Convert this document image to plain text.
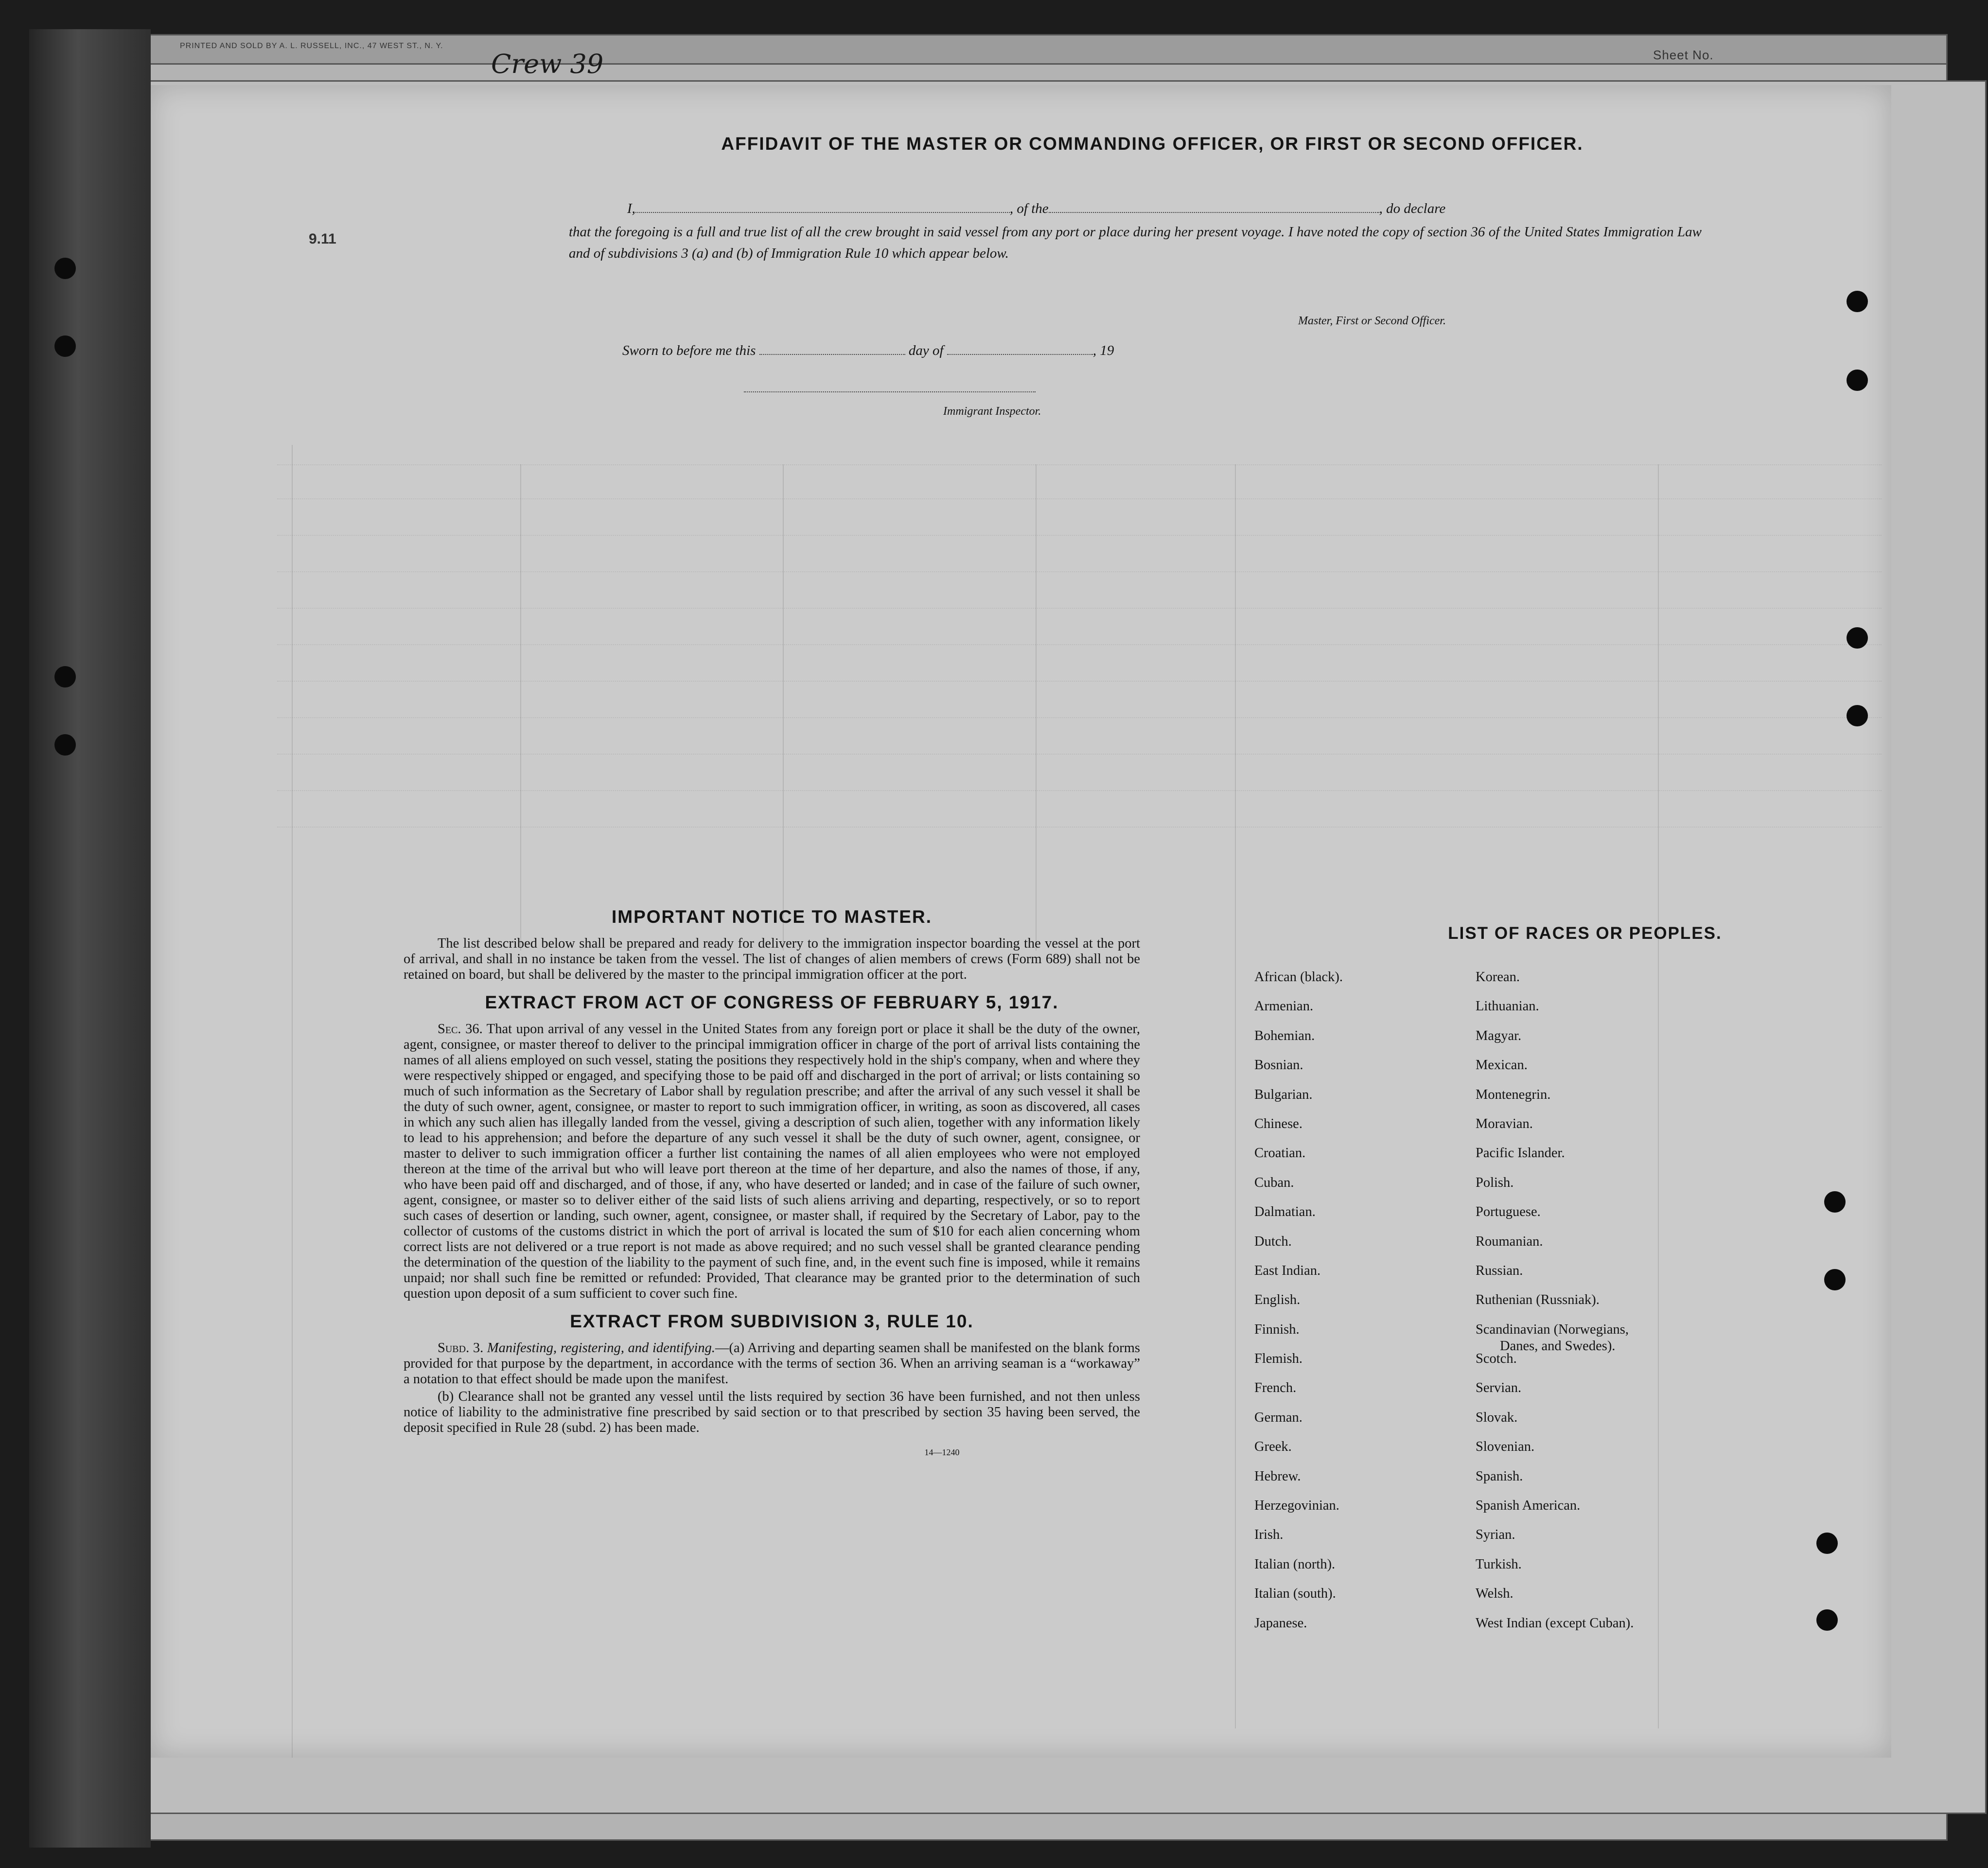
PRINTED AND SOLD BY A. L. RUSSELL, INC., 47 WEST ST., N. Y.
Sheet No.
Crew 39
9.11
AFFIDAVIT OF THE MASTER OR COMMANDING OFFICER, OR FIRST OR SECOND OFFICER.
I,	, of the	, do declare
that the foregoing is a full and true list of all the crew brought in said vessel from any port or place during her present voyage. I have noted the copy of section 36 of the United States Immigration Law and of subdivisions 3 (a) and (b) of Immigration Rule 10 which appear below.
Master, First or Second Officer.
Sworn to before me this	day of	, 19
Immigrant Inspector.
IMPORTANT NOTICE TO MASTER.

The list described below shall be prepared and ready for delivery to the immigration inspector boarding the vessel at the port of arrival, and shall in no instance be taken from the vessel. The list of changes of alien members of crews (Form 689) shall not be retained on board, but shall be delivered by the master to the principal immigration officer at the port.

EXTRACT FROM ACT OF CONGRESS OF FEBRUARY 5, 1917.

Sec. 36. That upon arrival of any vessel in the United States from any foreign port or place it shall be the duty of the owner, agent, consignee, or master thereof to deliver to the principal immigration officer in charge of the port of arrival lists containing the names of all aliens employed on such vessel, stating the positions they respectively hold in the ship's company, when and where they were respectively shipped or engaged, and specifying those to be paid off and discharged in the port of arrival; or lists containing so much of such information as the Secretary of Labor shall by regulation prescribe; and after the arrival of any such vessel it shall be the duty of such owner, agent, consignee, or master to report to such immigration officer, in writing, as soon as discovered, all cases in which any such alien has illegally landed from the vessel, giving a description of such alien, together with any information likely to lead to his apprehension; and before the departure of any such vessel it shall be the duty of such owner, agent, consignee, or master to deliver to such immigration officer a further list containing the names of all alien employees who were not employed thereon at the time of the arrival but who will leave port thereon at the time of her departure, and also the names of those, if any, who have been paid off and discharged, and of those, if any, who have deserted or landed; and in case of the failure of such owner, agent, consignee, or master so to deliver either of the said lists of such aliens arriving and departing, respectively, or so to report such cases of desertion or landing, such owner, agent, consignee, or master shall, if required by the Secretary of Labor, pay to the collector of customs of the customs district in which the port of arrival is located the sum of $10 for each alien concerning whom correct lists are not delivered or a true report is not made as above required; and no such vessel shall be granted clearance pending the determination of the question of the liability to the payment of such fine, and, in the event such fine is imposed, while it remains unpaid; nor shall such fine be remitted or refunded: Provided, That clearance may be granted prior to the determination of such question upon deposit of a sum sufficient to cover such fine.

EXTRACT FROM SUBDIVISION 3, RULE 10.

Subd. 3. Manifesting, registering, and identifying.—(a) Arriving and departing seamen shall be manifested on the blank forms provided for that purpose by the department, in accordance with the terms of section 36. When an arriving seaman is a “workaway” a notation to that effect should be made upon the manifest.

(b) Clearance shall not be granted any vessel until the lists required by section 36 have been furnished, and not then unless notice of liability to the administrative fine prescribed by said section or to that prescribed by section 35 having been served, the deposit specified in Rule 28 (subd. 2) has been made.

14—1240
LIST OF RACES OR PEOPLES.
African (black).
Armenian.
Bohemian.
Bosnian.
Bulgarian.
Chinese.
Croatian.
Cuban.
Dalmatian.
Dutch.
East Indian.
English.
Finnish.
Flemish.
French.
German.
Greek.
Hebrew.
Herzegovinian.
Irish.
Italian (north).
Italian (south).
Japanese.
Korean.
Lithuanian.
Magyar.
Mexican.
Montenegrin.
Moravian.
Pacific Islander.
Polish.
Portuguese.
Roumanian.
Russian.
Ruthenian (Russniak).
Scandinavian (Norwegians,
Danes, and Swedes).
Scotch.
Servian.
Slovak.
Slovenian.
Spanish.
Spanish American.
Syrian.
Turkish.
Welsh.
West Indian (except Cuban).
